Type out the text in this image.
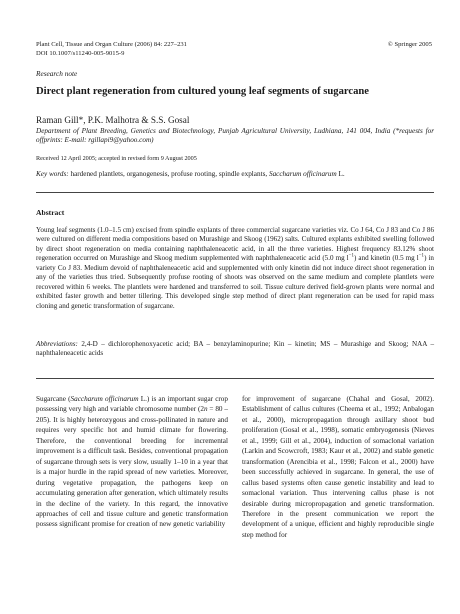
Plant Cell, Tissue and Organ Culture (2006) 84: 227–231
DOI 10.1007/s11240-005-9015-9
© Springer 2005
Research note
Direct plant regeneration from cultured young leaf segments of sugarcane
Raman Gill*, P.K. Malhotra & S.S. Gosal
Department of Plant Breeding, Genetics and Biotechnology, Punjab Agricultural University, Ludhiana, 141 004, India (*requests for offprints: E-mail: rgillapi9@yahoo.com)
Received 12 April 2005; accepted in revised form 9 August 2005
Key words: hardened plantlets, organogenesis, profuse rooting, spindle explants, Saccharum officinarum L.
Abstract
Young leaf segments (1.0–1.5 cm) excised from spindle explants of three commercial sugarcane varieties viz. Co J 64, Co J 83 and Co J 86 were cultured on different media compositions based on Murashige and Skoog (1962) salts. Cultured explants exhibited swelling followed by direct shoot regeneration on media containing naphthaleneacetic acid, in all the three varieties. Highest frequency 83.12% shoot regeneration occurred on Murashige and Skoog medium supplemented with naphthaleneacetic acid (5.0 mg $l^{-1}$) and kinetin (0.5 mg $l^{-1}$) in variety Co J 83. Medium devoid of naphthaleneacetic acid and supplemented with only kinetin did not induce direct shoot regeneration in any of the varieties thus tried. Subsequently profuse rooting of shoots was observed on the same medium and complete plantlets were recovered within 6 weeks. The plantlets were hardened and transferred to soil. Tissue culture derived field-grown plants were normal and exhibited faster growth and better tillering. This developed single step method of direct plant regeneration can be used for rapid mass cloning and genetic transformation of sugarcane.
Abbreviations: 2,4-D – dichlorophenoxyacetic acid; BA – benzylaminopurine; Kin – kinetin; MS – Murashige and Skoog; NAA – naphthaleneacetic acids
Sugarcane (Saccharum officinarum L.) is an important sugar crop possessing very high and variable chromosome number (2n = 80 – 205). It is highly heterozygous and cross-pollinated in nature and requires very specific hot and humid climate for flowering. Therefore, the conventional breeding for incremental improvement is a difficult task. Besides, conventional propagation of sugarcane through sets is very slow, usually 1–10 in a year that is a major hurdle in the rapid spread of new varieties. Moreover, during vegetative propagation, the pathogens keep on accumulating generation after generation, which ultimately results in the decline of the variety. In this regard, the innovative approaches of cell and tissue culture and genetic transformation possess significant promise for creation of new genetic variability
for improvement of sugarcane (Chahal and Gosal, 2002). Establishment of callus cultures (Cheema et al., 1992; Anbalogan et al., 2000), micropropagation through axillary shoot bud proliferation (Gosal et al., 1998), somatic embryogenesis (Nieves et al., 1999; Gill et al., 2004), induction of somaclonal variation (Larkin and Scowcroft, 1983; Kaur et al., 2002) and stable genetic transformation (Arencibia et al., 1998; Falcon et al., 2000) have been successfully achieved in sugarcane. In general, the use of callus based systems often cause genetic instability and lead to somaclonal variation. Thus intervening callus phase is not desirable during micropropagation and genetic transformation. Therefore in the present communication we report the development of a unique, efficient and highly reproducible single step method for
